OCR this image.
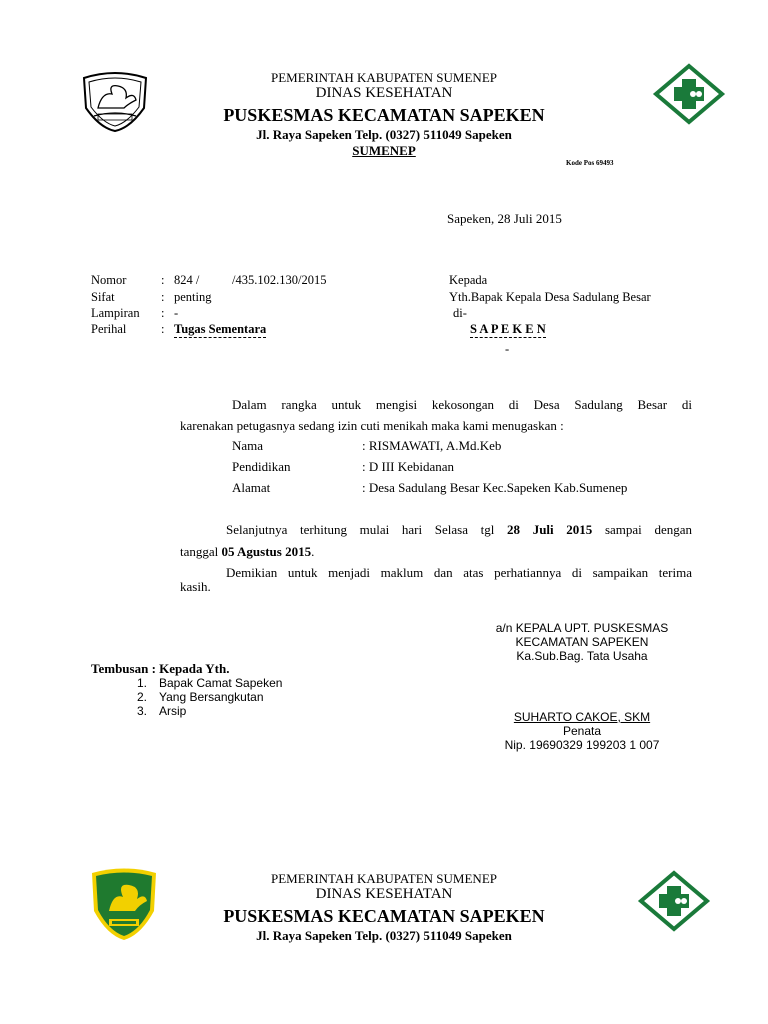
PEMERINTAH KABUPATEN SUMENEP
DINAS KESEHATAN
PUSKESMAS KECAMATAN SAPEKEN
Jl. Raya Sapeken Telp. (0327) 511049 Sapeken
SUMENEP
Kode Pos 69493
Sapeken, 28 Juli 2015
Nomor	: 824 /	/435.102.130/2015
Sifat	: penting
Lampiran : -
Perihal	: Tugas Sementara
Kepada
Yth.Bapak Kepala Desa Sadulang Besar
di-
S A P E K E N
-
Dalam rangka untuk mengisi kekosongan di Desa Sadulang Besar di
karenakan petugasnya sedang izin cuti menikah maka kami menugaskan :
Nama	: RISMAWATI, A.Md.Keb
Pendidikan	: D III Kebidanan
Alamat	: Desa Sadulang Besar Kec.Sapeken Kab.Sumenep
Selanjutnya terhitung mulai hari Selasa tgl 28 Juli 2015 sampai dengan
tanggal 05 Agustus 2015.
Demikian untuk menjadi maklum dan atas perhatiannya di sampaikan terima
kasih.
a/n KEPALA UPT. PUSKESMAS
KECAMATAN SAPEKEN
Ka.Sub.Bag. Tata Usaha
SUHARTO CAKOE, SKM
Penata
Nip. 19690329 199203 1 007
Tembusan : Kepada Yth.
1. Bapak Camat Sapeken
2. Yang Bersangkutan
3. Arsip
PEMERINTAH KABUPATEN SUMENEP
DINAS KESEHATAN
PUSKESMAS KECAMATAN SAPEKEN
Jl. Raya Sapeken Telp. (0327) 511049 Sapeken
